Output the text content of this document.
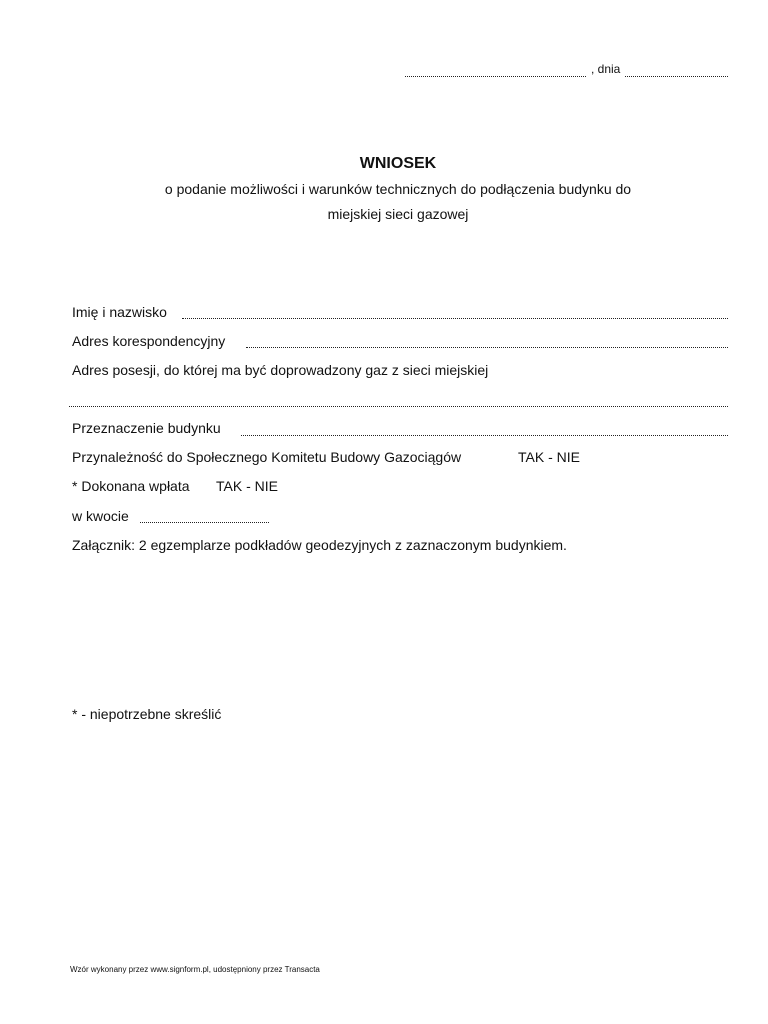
, dnia
WNIOSEK
o podanie możliwości i warunków technicznych do podłączenia budynku do
miejskiej sieci gazowej
Imię i nazwisko
Adres korespondencyjny
Adres posesji, do której ma być doprowadzony gaz z sieci miejskiej
Przeznaczenie budynku
Przynależność do Społecznego Komitetu Budowy Gazociągów	TAK - NIE
* Dokonana wpłata TAK - NIE
w kwocie
Załącznik: 2 egzemplarze podkładów geodezyjnych z zaznaczonym budynkiem.
* - niepotrzebne skreślić
Wzór wykonany przez www.signform.pl, udostępniony przez Transacta
